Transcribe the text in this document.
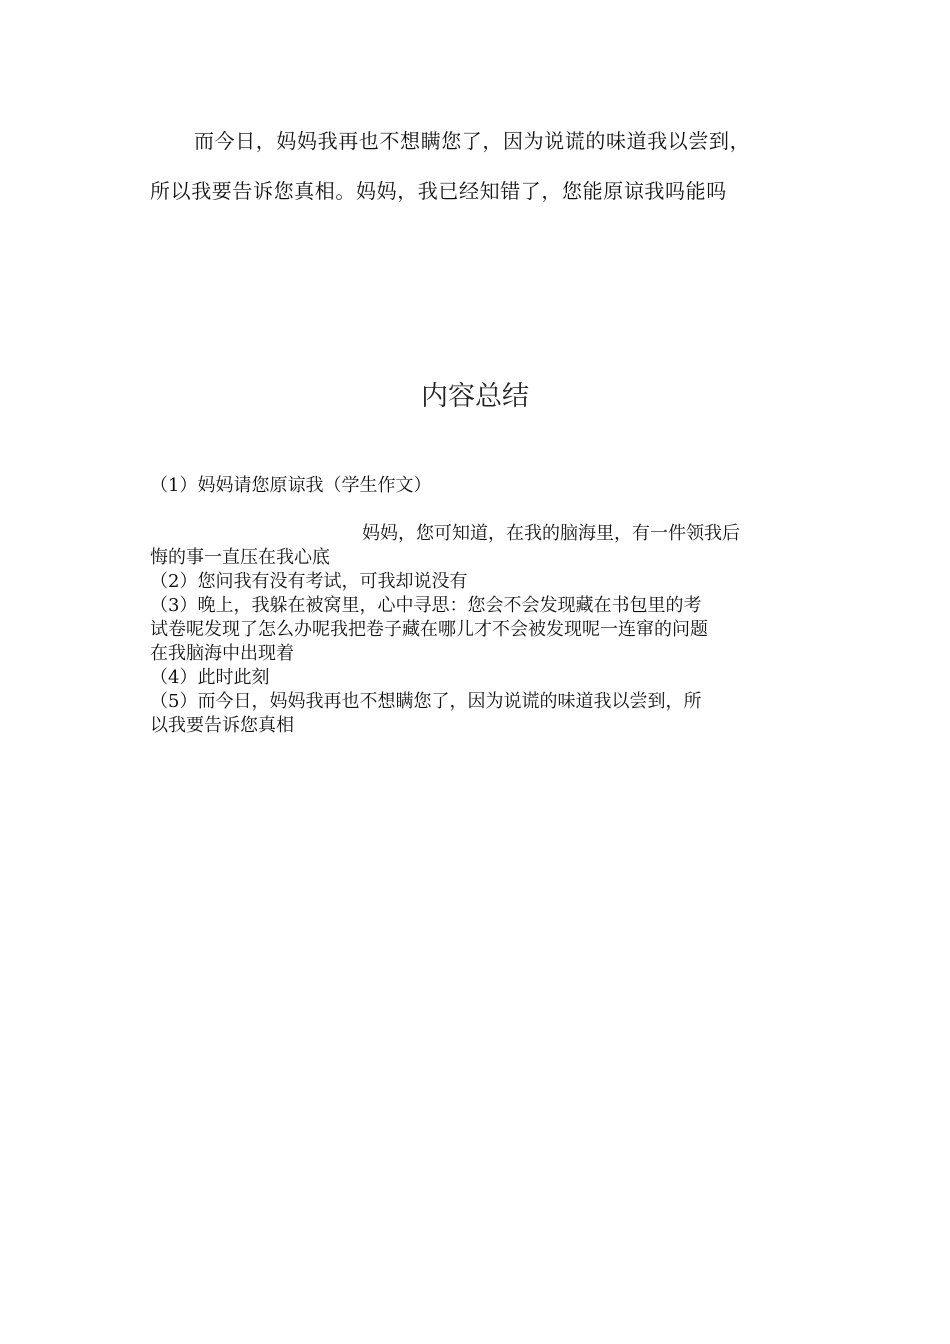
而今日，妈妈我再也不想瞒您了，因为说谎的味道我以尝到，

所以我要告诉您真相。妈妈，我已经知错了，您能原谅我吗能吗

内容总结

（1）妈妈请您原谅我（学生作文）

妈妈，您可知道，在我的脑海里，有一件领我后

悔的事一直压在我心底

（2）您问我有没有考试，可我却说没有

（3）晚上，我躲在被窝里，心中寻思：您会不会发现藏在书包里的考

试卷呢发现了怎么办呢我把卷子藏在哪儿才不会被发现呢一连窜的问题

在我脑海中出现着

（4）此时此刻

（5）而今日，妈妈我再也不想瞒您了，因为说谎的味道我以尝到，所

以我要告诉您真相
